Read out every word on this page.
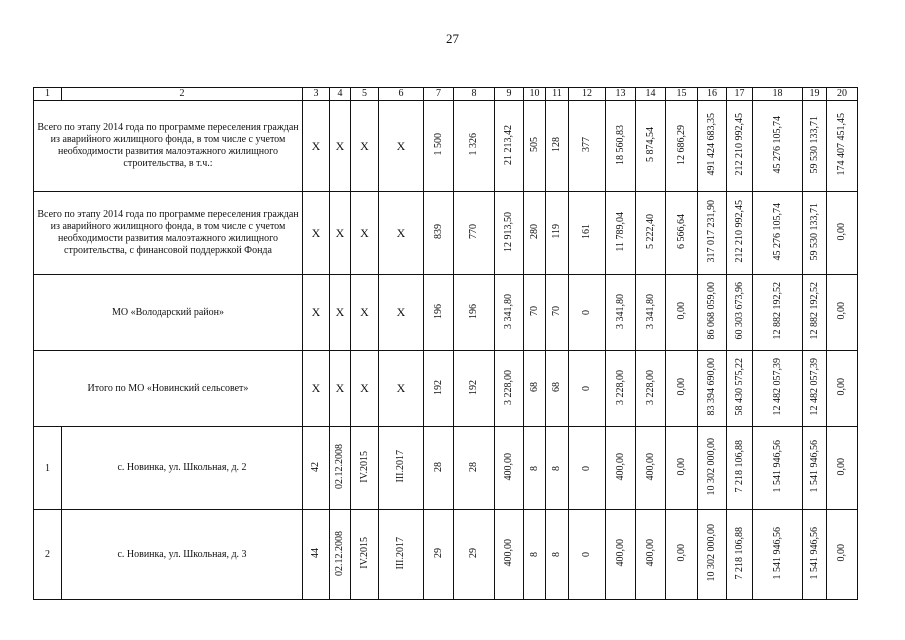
27
1	2	3	4	5	6	7	8	9	10	11	12	13	14	15	16	17	18	19	20
Всего по этапу 2014 года по программе переселения граждан из аварийного жилищного фонда, в том числе с учетом необходимости развития малоэтажного жилищного строительства, в т.ч.:		Х	Х	Х	Х	1 500	1 326	21 213,42	505	128	377	18 560,83	5 874,54	12 686,29	491 424 683,35	212 210 992,45	45 276 105,74	59 530 133,71	174 407 451,45
Всего по этапу 2014 года по программе переселения граждан из аварийного жилищного фонда, в том числе с учетом необходимости развития малоэтажного жилищного строительства, с финансовой поддержкой Фонда		Х	Х	Х	Х	839	770	12 913,50	280	119	161	11 789,04	5 222,40	6 566,64	317 017 231,90	212 210 992,45	45 276 105,74	59 530 133,71	0,00
МО «Володарский район»		Х	Х	Х	Х	196	196	3 341,80	70	70	0	3 341,80	3 341,80	0,00	86 068 059,00	60 303 673,96	12 882 192,52	12 882 192,52	0,00
Итого по МО «Новинский сельсовет»		Х	Х	Х	Х	192	192	3 228,00	68	68	0	3 228,00	3 228,00	0,00	83 394 690,00	58 430 575,22	12 482 057,39	12 482 057,39	0,00
1	с. Новинка, ул. Школьная, д. 2	42	02.12.2008	IV.2015	III.2017	28	28	400,00	8	8	0	400,00	400,00	0,00	10 302 000,00	7 218 106,88	1 541 946,56	1 541 946,56	0,00
2	с. Новинка, ул. Школьная, д. 3	44	02.12.2008	IV.2015	III.2017	29	29	400,00	8	8	0	400,00	400,00	0,00	10 302 000,00	7 218 106,88	1 541 946,56	1 541 946,56	0,00
